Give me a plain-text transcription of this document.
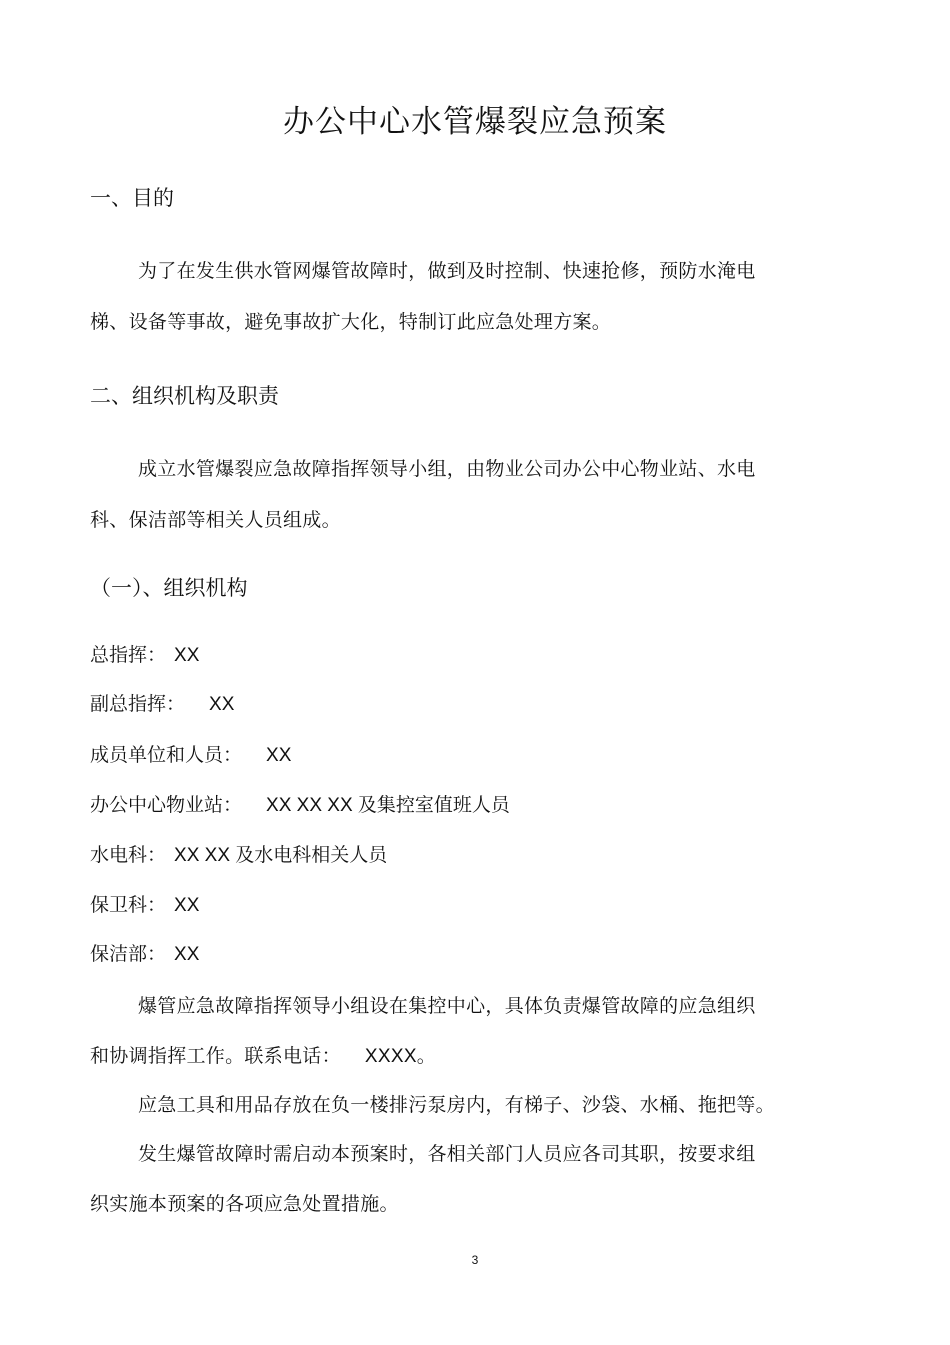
办公中心水管爆裂应急预案
一、目的
为了在发生供水管网爆管故障时，做到及时控制、快速抢修，预防水淹电
梯、设备等事故，避免事故扩大化，特制订此应急处理方案。
二、组织机构及职责
成立水管爆裂应急故障指挥领导小组，由物业公司办公中心物业站、水电
科、保洁部等相关人员组成。
（一）、组织机构
总指挥： XX
副总指挥： XX
成员单位和人员： XX
办公中心物业站： XX XX XX 及集控室值班人员
水电科： XX XX 及水电科相关人员
保卫科： XX
保洁部： XX
爆管应急故障指挥领导小组设在集控中心，具体负责爆管故障的应急组织
和协调指挥工作。联系电话： XXXX。
应急工具和用品存放在负一楼排污泵房内，有梯子、沙袋、水桶、拖把等。
发生爆管故障时需启动本预案时，各相关部门人员应各司其职，按要求组
织实施本预案的各项应急处置措施。
3
